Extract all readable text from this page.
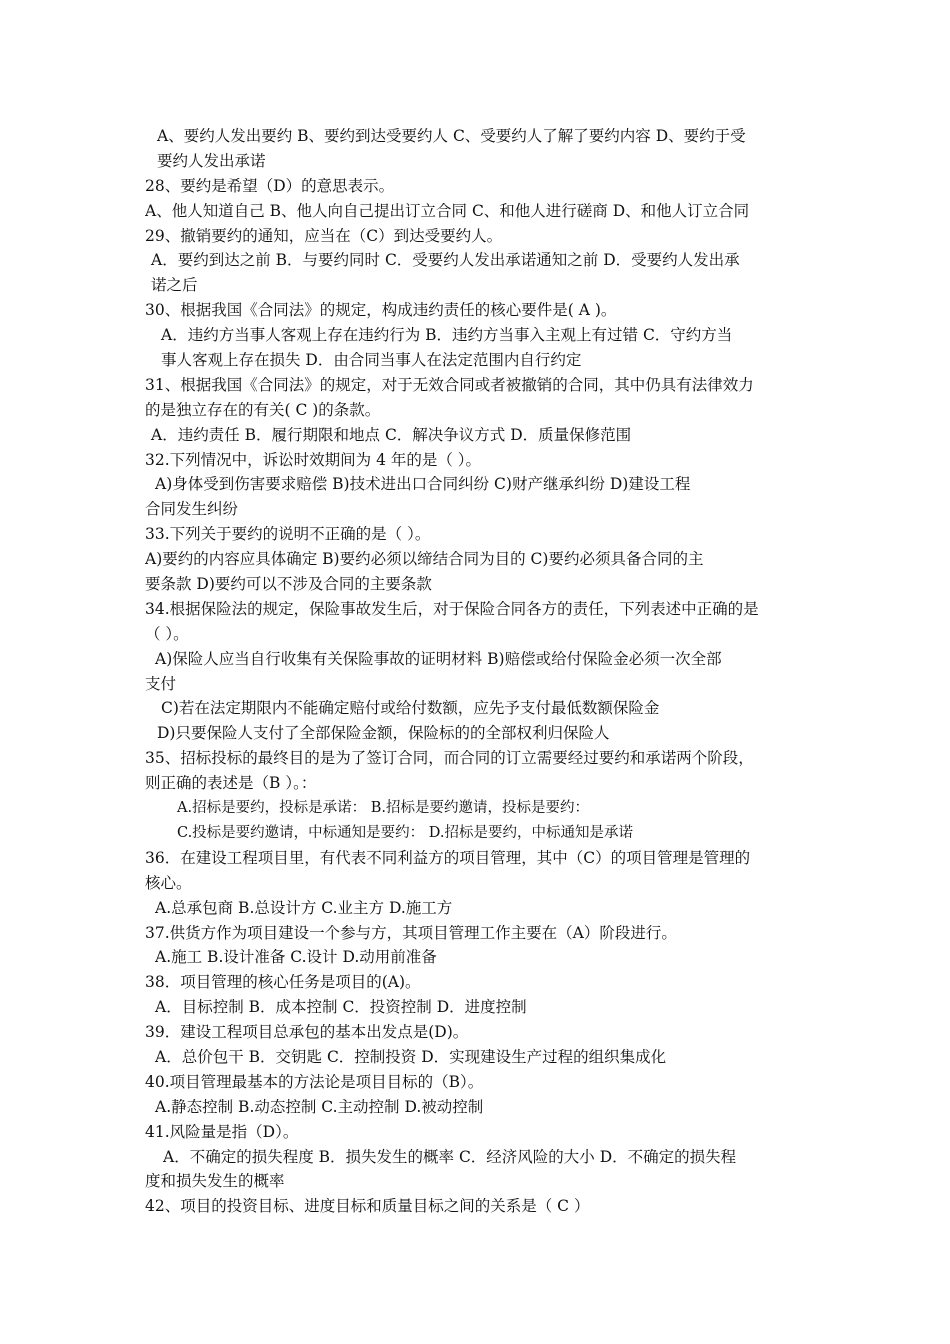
A、要约人发出要约 B、要约到达受要约人 C、受要约人了解了要约内容 D、要约于受
要约人发出承诺
28、要约是希望（D）的意思表示。
A、他人知道自己 B、他人向自己提出订立合同 C、和他人进行磋商 D、和他人订立合同
29、撤销要约的通知，应当在（C）到达受要约人。
A．要约到达之前 B．与要约同时 C．受要约人发出承诺通知之前 D．受要约人发出承
诺之后
30、根据我国《合同法》的规定，构成违约责任的核心要件是( A )。
A．违约方当事人客观上存在违约行为 B．违约方当事入主观上有过错 C．守约方当
事人客观上存在损失 D．由合同当事人在法定范围内自行约定
31、根据我国《合同法》的规定，对于无效合同或者被撤销的合同，其中仍具有法律效力
的是独立存在的有关( C )的条款。
A．违约责任 B．履行期限和地点 C．解决争议方式 D．质量保修范围
32.下列情况中，诉讼时效期间为 4 年的是（ ）。
A)身体受到伤害要求赔偿 B)技术进出口合同纠纷 C)财产继承纠纷 D)建设工程
合同发生纠纷
33.下列关于要约的说明不正确的是（ ）。
A)要约的内容应具体确定 B)要约必须以缔结合同为目的 C)要约必须具备合同的主
要条款 D)要约可以不涉及合同的主要条款
34.根据保险法的规定，保险事故发生后，对于保险合同各方的责任，下列表述中正确的是
（ ）。
A)保险人应当自行收集有关保险事故的证明材料 B)赔偿或给付保险金必须一次全部
支付
C)若在法定期限内不能确定赔付或给付数额，应先予支付最低数额保险金
D)只要保险人支付了全部保险金额，保险标的的全部权利归保险人
35、招标投标的最终目的是为了签订合同，而合同的订立需要经过要约和承诺两个阶段，
则正确的表述是（B ）。：
A.招标是要约，投标是承诺： B.招标是要约邀请，投标是要约：
C.投标是要约邀请，中标通知是要约： D.招标是要约，中标通知是承诺
36．在建设工程项目里，有代表不同利益方的项目管理，其中（C）的项目管理是管理的
核心。
A.总承包商 B.总设计方 C.业主方 D.施工方
37.供货方作为项目建设一个参与方，其项目管理工作主要在（A）阶段进行。
A.施工 B.设计准备 C.设计 D.动用前准备
38．项目管理的核心任务是项目的(A)。
A．目标控制 B．成本控制 C．投资控制 D．进度控制
39．建设工程项目总承包的基本出发点是(D)。
A．总价包干 B．交钥匙 C．控制投资 D．实现建设生产过程的组织集成化
40.项目管理最基本的方法论是项目目标的（B）。
A.静态控制 B.动态控制 C.主动控制 D.被动控制
41.风险量是指（D）。
A．不确定的损失程度 B．损失发生的概率 C．经济风险的大小 D．不确定的损失程
度和损失发生的概率
42、项目的投资目标、进度目标和质量目标之间的关系是（ C ）
